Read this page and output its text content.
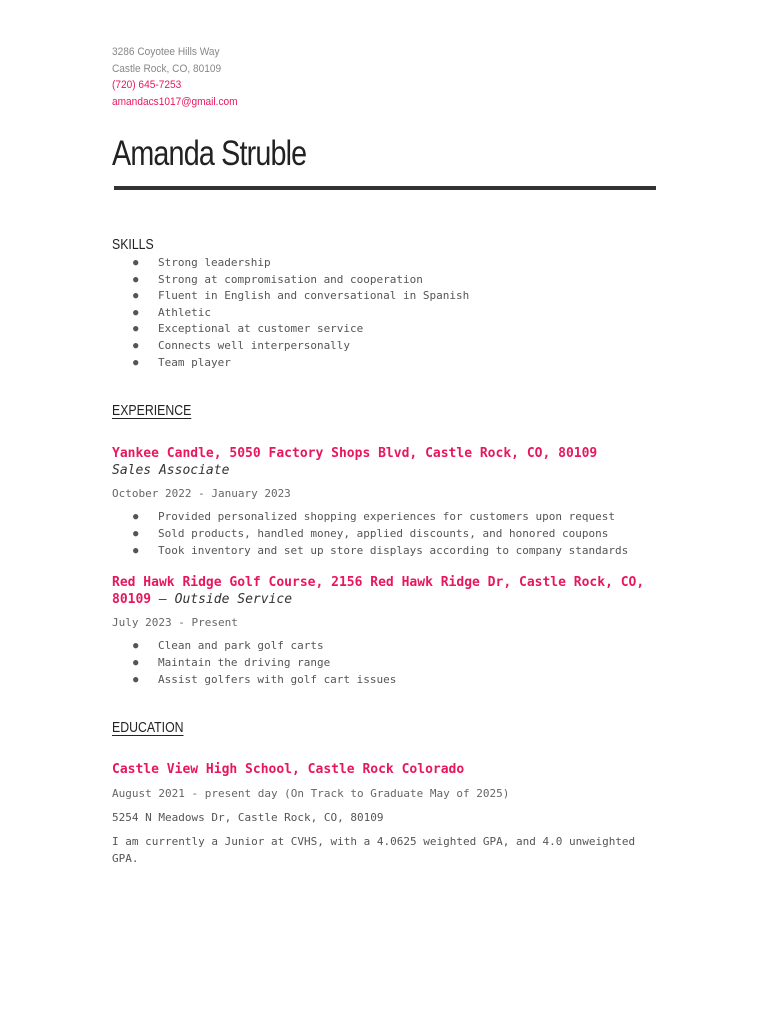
3286 Coyotee Hills Way
Castle Rock, CO, 80109
(720) 645-7253
amandacs1017@gmail.com
Amanda Struble
SKILLS
● Strong leadership
● Strong at compromisation and cooperation
● Fluent in English and conversational in Spanish
● Athletic
● Exceptional at customer service
● Connects well interpersonally
● Team player
EXPERIENCE
Yankee Candle, 5050 Factory Shops Blvd, Castle Rock, CO, 80109
Sales Associate
October 2022 - January 2023
● Provided personalized shopping experiences for customers upon request
● Sold products, handled money, applied discounts, and honored coupons
● Took inventory and set up store displays according to company standards
Red Hawk Ridge Golf Course, 2156 Red Hawk Ridge Dr, Castle Rock, CO, 80109 — Outside Service
July 2023 - Present
● Clean and park golf carts
● Maintain the driving range
● Assist golfers with golf cart issues
EDUCATION
Castle View High School, Castle Rock Colorado
August 2021 - present day (On Track to Graduate May of 2025)
5254 N Meadows Dr, Castle Rock, CO, 80109
I am currently a Junior at CVHS, with a 4.0625 weighted GPA, and 4.0 unweighted GPA.
